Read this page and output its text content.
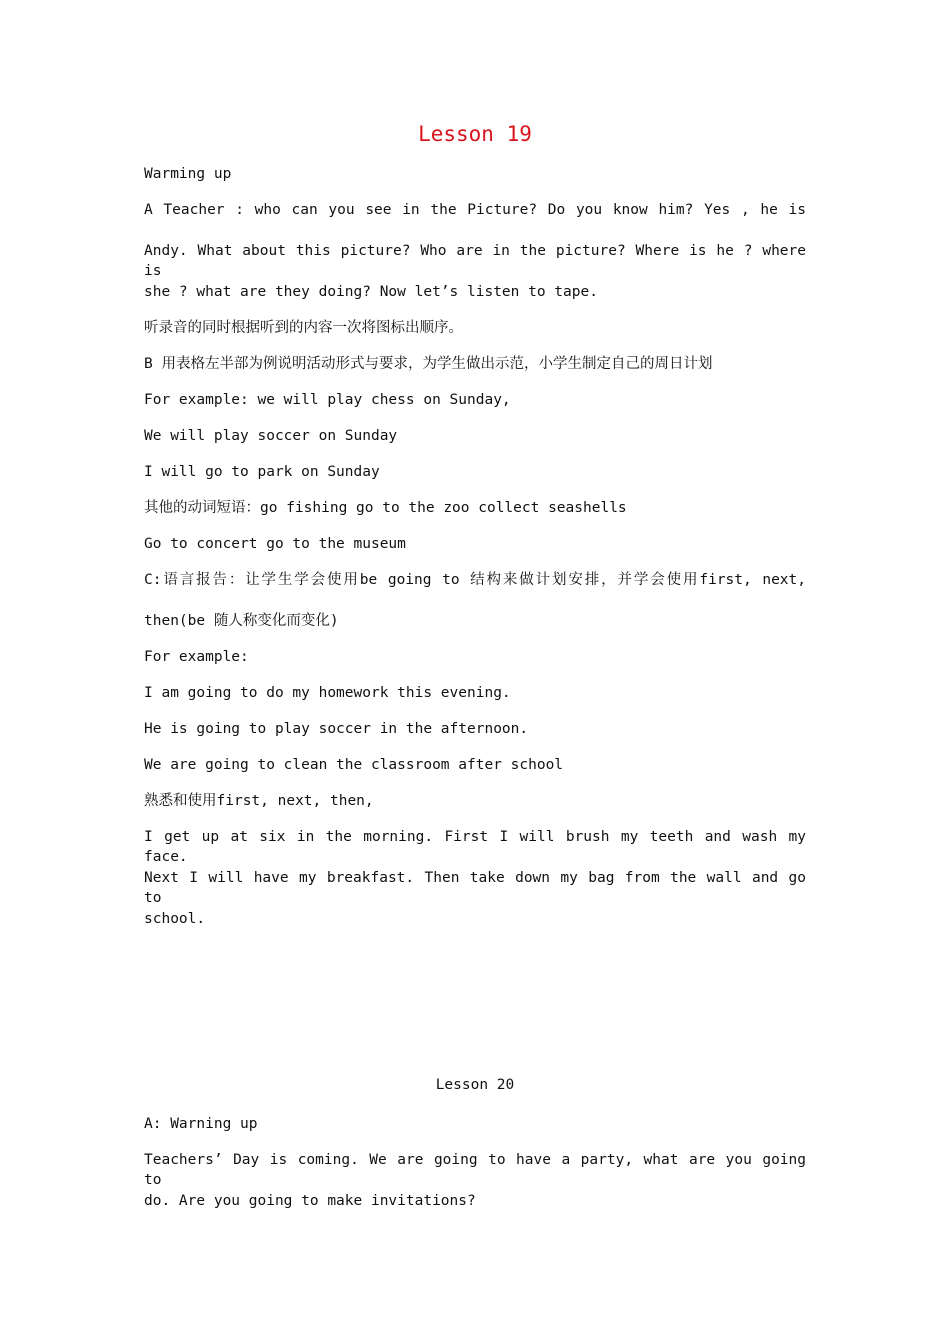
Lesson 19
Warming up
A Teacher : who can you see in the Picture? Do you know him? Yes , he is
Andy. What about this picture? Who are in the picture? Where is he ? where is
she ? what are they doing? Now let’s listen to tape.
听录音的同时根据听到的内容一次将图标出顺序。
B 用表格左半部为例说明活动形式与要求，为学生做出示范，小学生制定自己的周日计划
For example: we will play chess on Sunday,
We will play soccer on Sunday
I will go to park on Sunday
其他的动词短语：go fishing go to the zoo collect seashells
Go to concert go to the museum
C:语言报告：让学生学会使用be going to 结构来做计划安排，并学会使用first, next,
then(be 随人称变化而变化)
For example:
I am going to do my homework this evening.
He is going to play soccer in the afternoon.
We are going to clean the classroom after school
熟悉和使用first, next, then,
I get up at six in the morning. First I will brush my teeth and wash my face.
Next I will have my breakfast. Then take down my bag from the wall and go to
school.
Lesson 20
A: Warning up
Teachers’ Day is coming. We are going to have a party, what are you going to
do. Are you going to make invitations?
